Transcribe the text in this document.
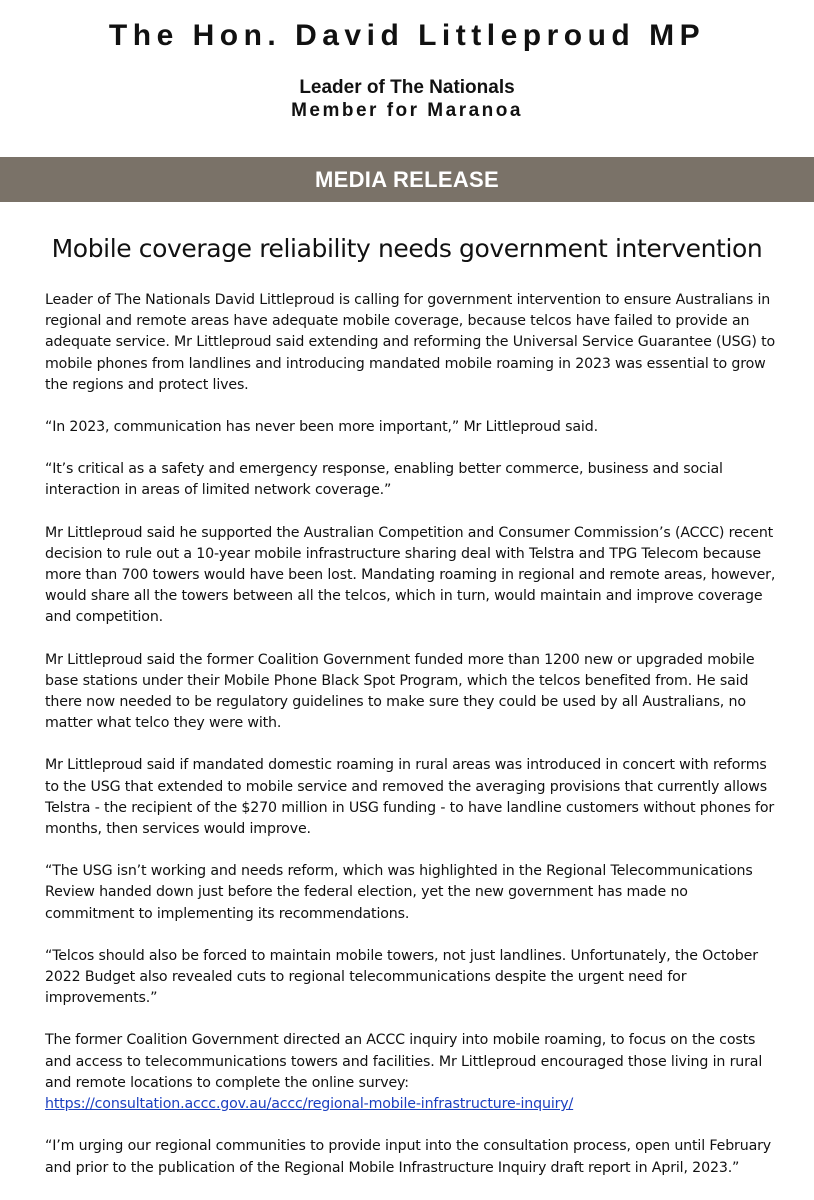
The Hon. David Littleproud MP
Leader of The Nationals
Member for Maranoa
MEDIA RELEASE
Mobile coverage reliability needs government intervention

Leader of The Nationals David Littleproud is calling for government intervention to ensure Australians in regional and remote areas have adequate mobile coverage, because telcos have failed to provide an adequate service. Mr Littleproud said extending and reforming the Universal Service Guarantee (USG) to mobile phones from landlines and introducing mandated mobile roaming in 2023 was essential to grow the regions and protect lives.

“In 2023, communication has never been more important,” Mr Littleproud said.

“It’s critical as a safety and emergency response, enabling better commerce, business and social interaction in areas of limited network coverage.”

Mr Littleproud said he supported the Australian Competition and Consumer Commission’s (ACCC) recent decision to rule out a 10-year mobile infrastructure sharing deal with Telstra and TPG Telecom because more than 700 towers would have been lost. Mandating roaming in regional and remote areas, however, would share all the towers between all the telcos, which in turn, would maintain and improve coverage and competition.

Mr Littleproud said the former Coalition Government funded more than 1200 new or upgraded mobile base stations under their Mobile Phone Black Spot Program, which the telcos benefited from. He said there now needed to be regulatory guidelines to make sure they could be used by all Australians, no matter what telco they were with.

Mr Littleproud said if mandated domestic roaming in rural areas was introduced in concert with reforms to the USG that extended to mobile service and removed the averaging provisions that currently allows Telstra - the recipient of the $270 million in USG funding - to have landline customers without phones for months, then services would improve.

“The USG isn’t working and needs reform, which was highlighted in the Regional Telecommunications Review handed down just before the federal election, yet the new government has made no commitment to implementing its recommendations.

“Telcos should also be forced to maintain mobile towers, not just landlines. Unfortunately, the October 2022 Budget also revealed cuts to regional telecommunications despite the urgent need for improvements.”

The former Coalition Government directed an ACCC inquiry into mobile roaming, to focus on the costs and access to telecommunications towers and facilities. Mr Littleproud encouraged those living in rural and remote locations to complete the online survey:
https://consultation.accc.gov.au/accc/regional-mobile-infrastructure-inquiry/

“I’m urging our regional communities to provide input into the consultation process, open until February and prior to the publication of the Regional Mobile Infrastructure Inquiry draft report in April, 2023.”
